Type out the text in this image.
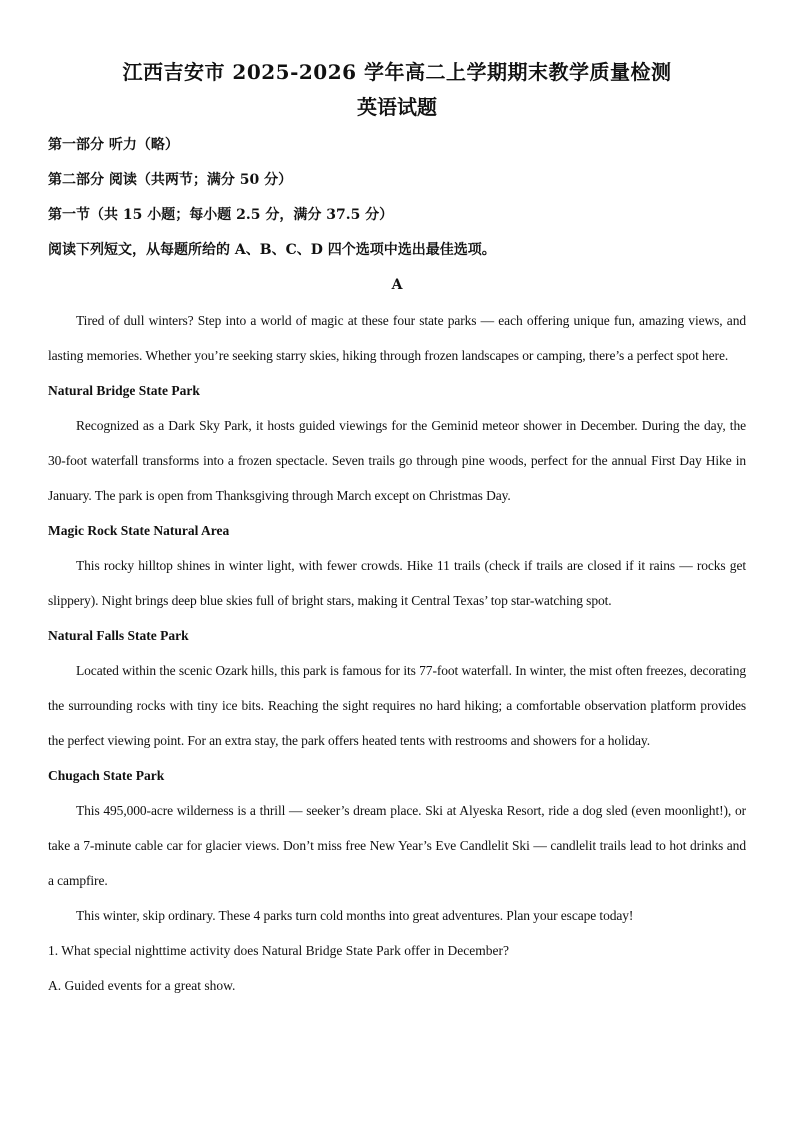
江西吉安市 2025-2026 学年高二上学期期末教学质量检测
英语试题

第一部分 听力（略）

第二部分 阅读（共两节；满分 50 分）

第一节（共 15 小题；每小题 2.5 分，满分 37.5 分）

阅读下列短文，从每题所给的 A、B、C、D 四个选项中选出最佳选项。

A

Tired of dull winters? Step into a world of magic at these four state parks — each offering unique fun, amazing views, and lasting memories. Whether you’re seeking starry skies, hiking through frozen landscapes or camping, there’s a perfect spot here.

Natural Bridge State Park

Recognized as a Dark Sky Park, it hosts guided viewings for the Geminid meteor shower in December. During the day, the 30-foot waterfall transforms into a frozen spectacle. Seven trails go through pine woods, perfect for the annual First Day Hike in January. The park is open from Thanksgiving through March except on Christmas Day.

Magic Rock State Natural Area

This rocky hilltop shines in winter light, with fewer crowds. Hike 11 trails (check if trails are closed if it rains — rocks get slippery). Night brings deep blue skies full of bright stars, making it Central Texas’ top star-watching spot.

Natural Falls State Park

Located within the scenic Ozark hills, this park is famous for its 77-foot waterfall. In winter, the mist often freezes, decorating the surrounding rocks with tiny ice bits. Reaching the sight requires no hard hiking; a comfortable observation platform provides the perfect viewing point. For an extra stay, the park offers heated tents with restrooms and showers for a holiday.

Chugach State Park

This 495,000-acre wilderness is a thrill — seeker’s dream place. Ski at Alyeska Resort, ride a dog sled (even moonlight!), or take a 7-minute cable car for glacier views. Don’t miss free New Year’s Eve Candlelit Ski — candlelit trails lead to hot drinks and a campfire.

This winter, skip ordinary. These 4 parks turn cold months into great adventures. Plan your escape today!

1. What special nighttime activity does Natural Bridge State Park offer in December?

A. Guided events for a great show.
